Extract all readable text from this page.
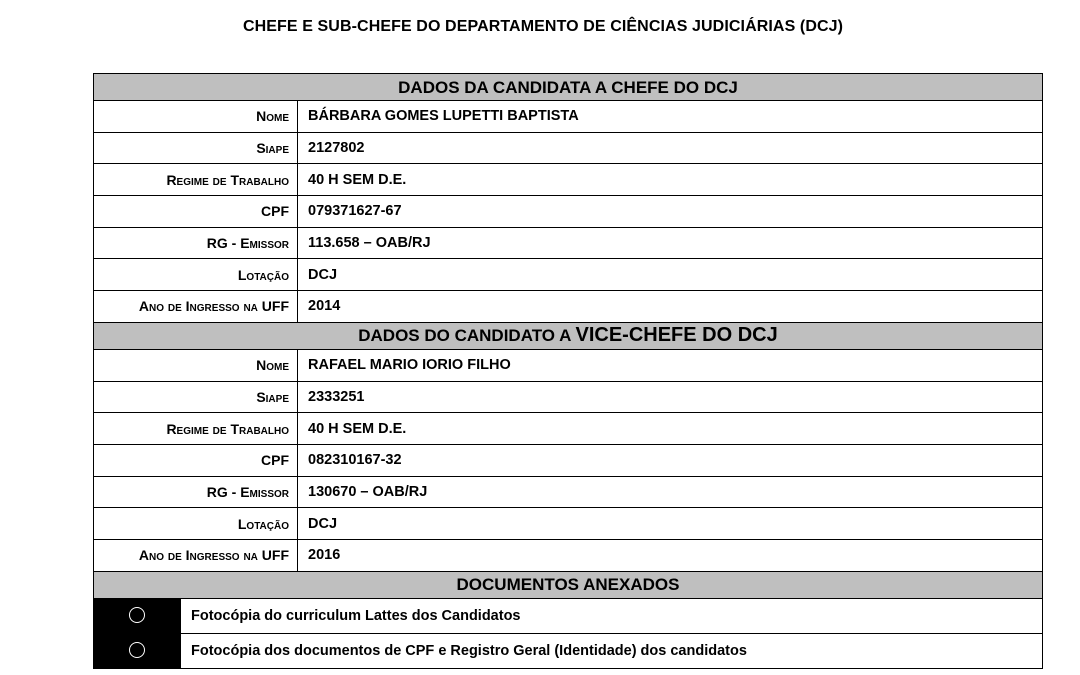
CHEFE E SUB-CHEFE DO DEPARTAMENTO DE CIÊNCIAS JUDICIÁRIAS (DCJ)
DADOS DA CANDIDATA A CHEFE DO DCJ		
Nome		BÁRBARA GOMES LUPETTI BAPTISTA
Siape		2127802
Regime de Trabalho		40 H SEM D.E.
CPF		079371627-67
RG - Emissor		113.658 – OAB/RJ
Lotação		DCJ
Ano de Ingresso na UFF		2014
DADOS DO CANDIDATO A VICE-CHEFE DO DCJ		
Nome		RAFAEL MARIO IORIO FILHO
Siape		2333251
Regime de Trabalho		40 H SEM D.E.
CPF		082310167-32
RG - Emissor		130670 – OAB/RJ
Lotação		DCJ
Ano de Ingresso na UFF		2016
DOCUMENTOS ANEXADOS		
	Fotocópia do curriculum Lattes dos Candidatos	
	Fotocópia dos documentos de CPF e Registro Geral (Identidade) dos candidatos	
